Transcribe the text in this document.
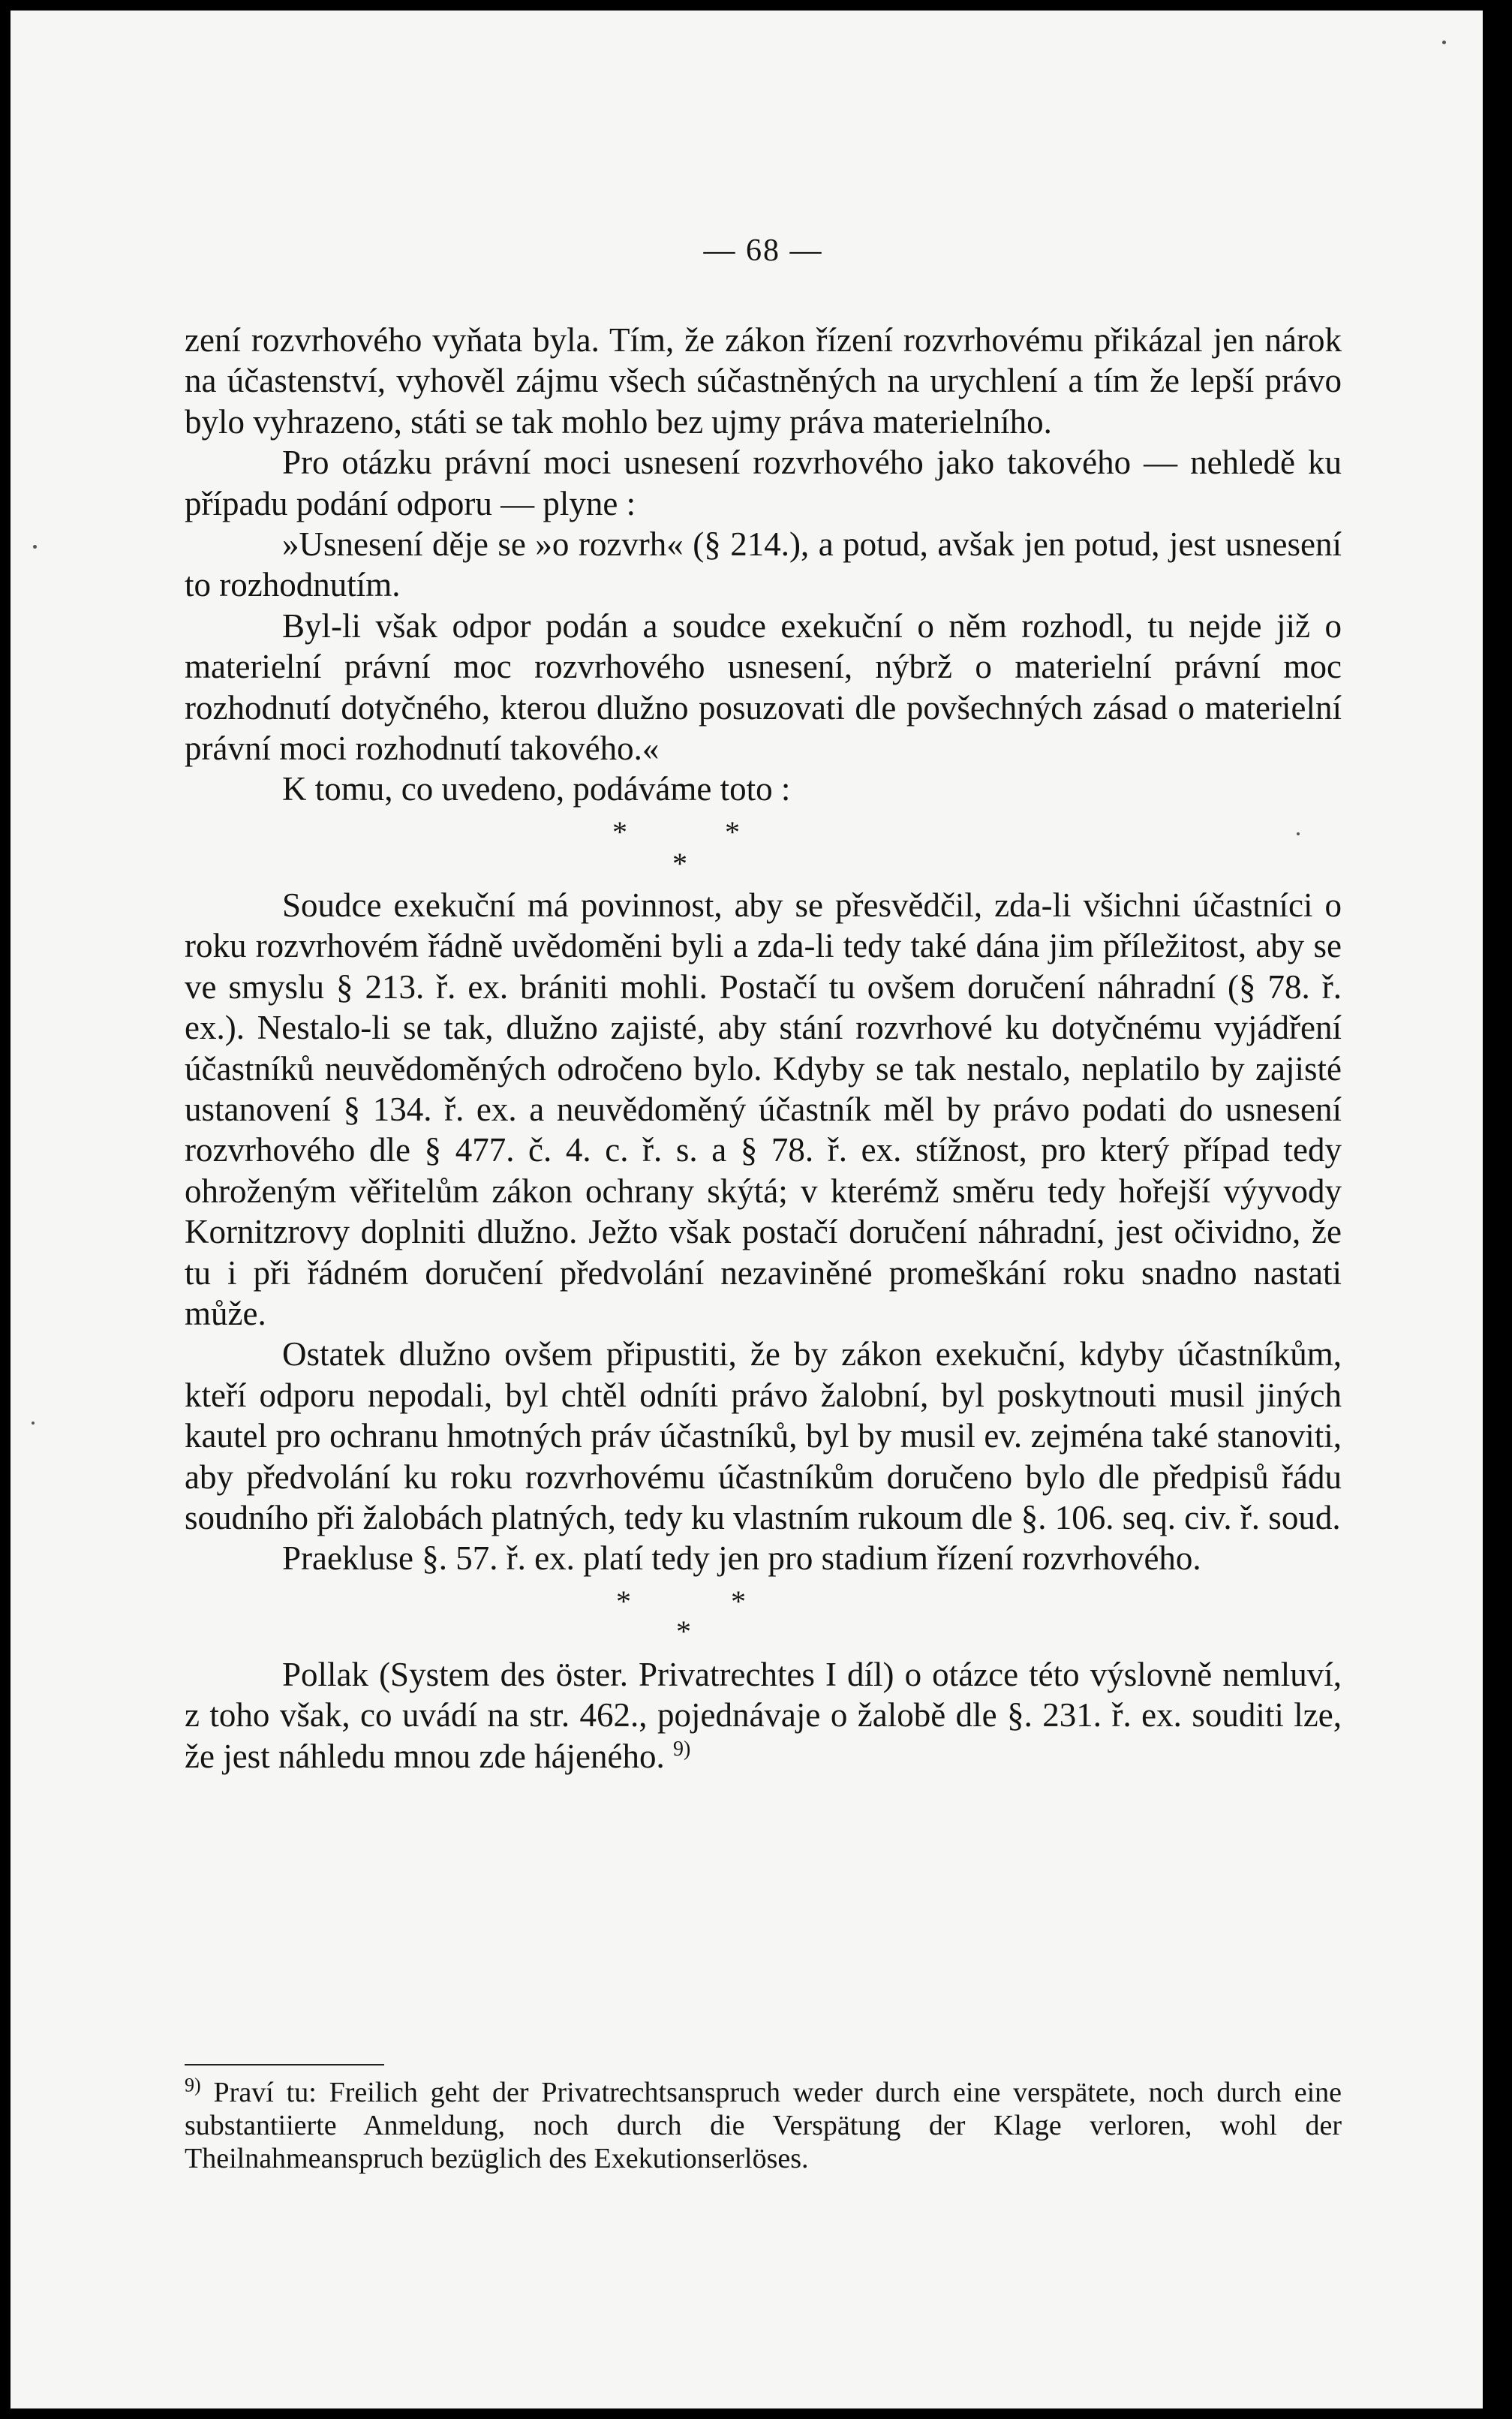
— 68 —

zení rozvrhového vyňata byla. Tím, že zákon řízení rozvrhovému přikázal jen nárok na účastenství, vyhověl zájmu všech súčastněných na urychlení a tím že lepší právo bylo vyhrazeno, státi se tak mohlo bez ujmy práva materielního.

Pro otázku právní moci usnesení rozvrhového jako takového — nehledě ku případu podání odporu — plyne :

»Usnesení děje se »o rozvrh« (§ 214.), a potud, avšak jen potud, jest usnesení to rozhodnutím.

Byl-li však odpor podán a soudce exekuční o něm rozhodl, tu nejde již o materielní právní moc rozvrhového usnesení, nýbrž o materielní právní moc rozhodnutí dotyčného, kterou dlužno posuzovati dle povšechných zásad o materielní právní moci rozhodnutí takového.«

K tomu, co uvedeno, podáváme toto :

*	*
*

Soudce exekuční má povinnost, aby se přesvědčil, zda-li všichni účastníci o roku rozvrhovém řádně uvědoměni byli a zda-li tedy také dána jim příležitost, aby se ve smyslu § 213. ř. ex. brániti mohli. Postačí tu ovšem doručení náhradní (§ 78. ř. ex.). Nestalo-li se tak, dlužno zajisté, aby stání rozvrhové ku dotyčnému vyjádření účastníků neuvědoměných odročeno bylo. Kdyby se tak nestalo, neplatilo by zajisté ustanovení § 134. ř. ex. a neuvědoměný účastník měl by právo podati do usnesení rozvrhového dle § 477. č. 4. c. ř. s. a § 78. ř. ex. stížnost, pro který případ tedy ohroženým věřitelům zákon ochrany skýtá; v kterémž směru tedy hořejší výyvody Kornitzrovy doplniti dlužno. Ježto však postačí doručení náhradní, jest očividno, že tu i při řádném doručení předvolání nezaviněné promeškání roku snadno nastati může.

Ostatek dlužno ovšem připustiti, že by zákon exekuční, kdyby účastníkům, kteří odporu nepodali, byl chtěl odníti právo žalobní, byl poskytnouti musil jiných kautel pro ochranu hmotných práv účastníků, byl by musil ev. zejména také stanoviti, aby předvolání ku roku rozvrhovému účastníkům doručeno bylo dle předpisů řádu soudního při žalobách platných, tedy ku vlastním rukoum dle §. 106. seq. civ. ř. soud.

Praekluse §. 57. ř. ex. platí tedy jen pro stadium řízení rozvrhového.

*	*
*

Pollak (System des öster. Privatrechtes I díl) o otázce této výslovně nemluví, z toho však, co uvádí na str. 462., pojednávaje o žalobě dle §. 231. ř. ex. souditi lze, že jest náhledu mnou zde hájeného. $^{9)}$

$^{9)}$ Praví tu: Freilich geht der Privatrechtsanspruch weder durch eine verspätete, noch durch eine substantiierte Anmeldung, noch durch die Verspätung der Klage verloren, wohl der Theilnahmeanspruch bezüglich des Exekutionserlöses.
